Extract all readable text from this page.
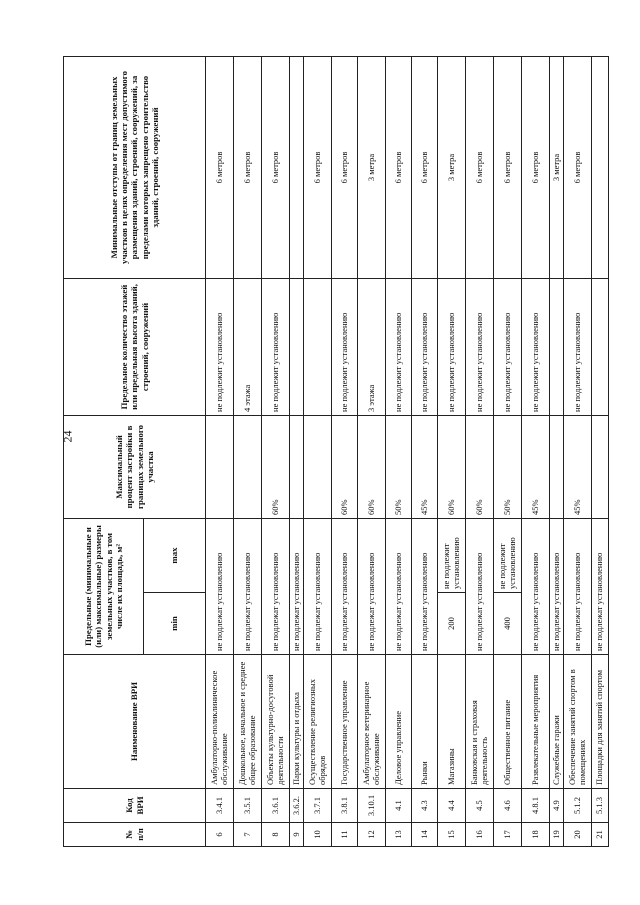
24
№ п/п	Код ВРИ	Наименование ВРИ	Предельные (минимальные и (или) максимальные) размеры земельных участков, в том числе их площадь, м²		Максимальный процент застройки в границах земельного участка	Предельное количество этажей или предельная высота зданий, строений, сооружений	Минимальные отступы от границ земельных участков в целях определения мест допустимого размещения зданий, строений, сооружений, за пределами которых запрещено строительство зданий, строений, сооружений
			min	max			
6	3.4.1	Амбулаторно-поликлиническое обслуживание	не подлежат установлению			не подлежит установлению	6 метров
7	3.5.1	Дошкольное, начальное и среднее общее образование	не подлежат установлению			4 этажа	6 метров
8	3.6.1	Объекты культурно-досуговой деятельности	не подлежат установлению		60%	не подлежит установлению	6 метров
9	3.6.2.	Парки культуры и отдыха	не подлежат установлению				
10	3.7.1	Осуществление религиозных обрядов	не подлежат установлению				6 метров
11	3.8.1	Государственное управление	не подлежат установлению		60%	не подлежит установлению	6 метров
12	3.10.1	Амбулаторное ветеринарное обслуживание	не подлежат установлению		60%	3 этажа	3 метра
13	4.1	Деловое управление	не подлежат установлению		50%	не подлежит установлению	6 метров
14	4.3	Рынки	не подлежат установлению		45%	не подлежит установлению	6 метров
15	4.4	Магазины	200	не подлежит установлению	60%	не подлежит установлению	3 метра
16	4.5	Банковская и страховая деятельность	не подлежат установлению		60%	не подлежит установлению	6 метров
17	4.6	Общественное питание	400	не подлежит установлению	50%	не подлежит установлению	6 метров
18	4.8.1	Развлекательные мероприятия	не подлежат установлению		45%	не подлежит установлению	6 метров
19	4.9	Служебные гаражи	не подлежат установлению				3 метра
20	5.1.2	Обеспечение занятий спортом в помещениях	не подлежат установлению		45%	не подлежит установлению	6 метров
21	5.1.3	Площадки для занятий спортом	не подлежат установлению				
